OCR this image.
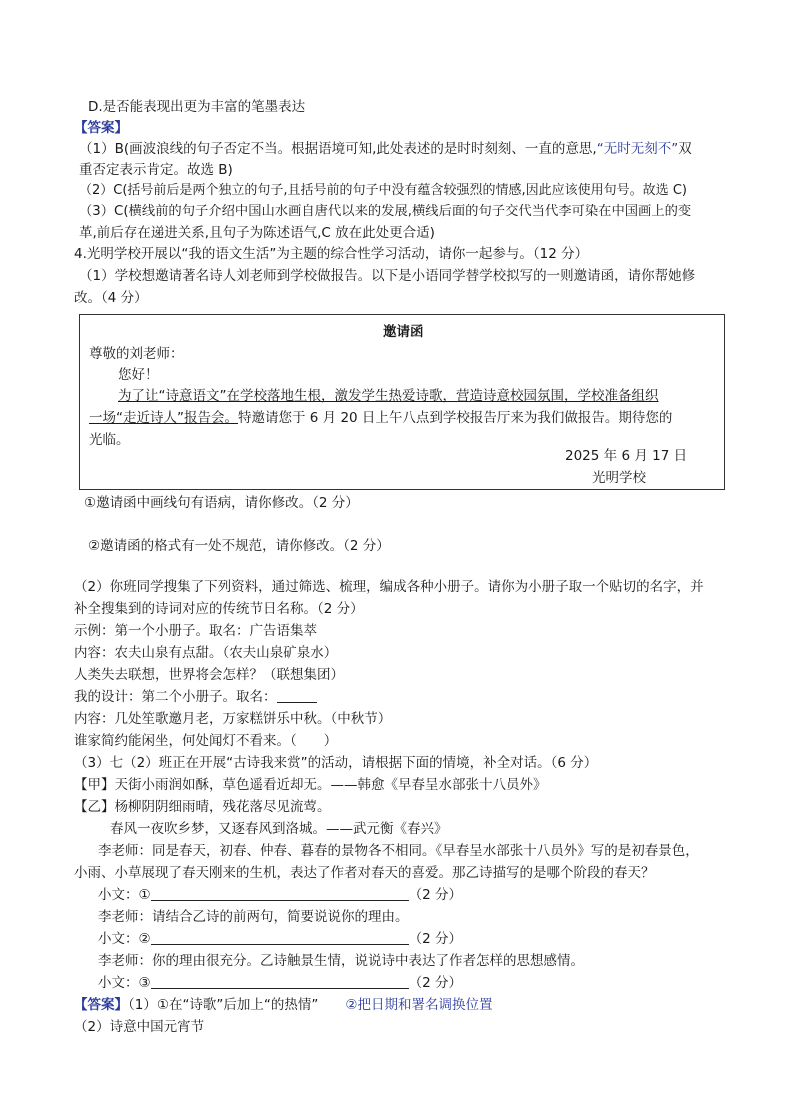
D.是否能表现出更为丰富的笔墨表达
【答案】
（1）B(画波浪线的句子否定不当。根据语境可知,此处表述的是时时刻刻、一直的意思,“无时无刻不”双
重否定表示肯定。故选 B)
（2）C(括号前后是两个独立的句子,且括号前的句子中没有蕴含较强烈的情感,因此应该使用句号。故选 C)
（3）C(横线前的句子介绍中国山水画自唐代以来的发展,横线后面的句子交代当代李可染在中国画上的变
革,前后存在递进关系,且句子为陈述语气,C 放在此处更合适)
4.光明学校开展以“我的语文生活”为主题的综合性学习活动，请你一起参与。（12 分）
（1）学校想邀请著名诗人刘老师到学校做报告。以下是小语同学替学校拟写的一则邀请函，请你帮她修
改。（4 分）
邀请函
尊敬的刘老师：
您好！
为了让“诗意语文”在学校落地生根，激发学生热爱诗歌，营造诗意校园氛围，学校准备组织
一场“走近诗人”报告会。特邀请您于 6 月 20 日上午八点到学校报告厅来为我们做报告。期待您的
光临。
2025 年 6 月 17 日
光明学校
①邀请函中画线句有语病，请你修改。（2 分）
②邀请函的格式有一处不规范，请你修改。（2 分）
（2）你班同学搜集了下列资料，通过筛选、梳理，编成各种小册子。请你为小册子取一个贴切的名字，并
补全搜集到的诗词对应的传统节日名称。（2 分）
示例：第一个小册子。取名：广告语集萃
内容：农夫山泉有点甜。（农夫山泉矿泉水）
人类失去联想，世界将会怎样？（联想集团）
我的设计：第二个小册子。取名：
内容：几处笙歌邀月老，万家糕饼乐中秋。（中秋节）
谁家简约能闲坐，何处闻灯不看来。（　　）
（3）七（2）班正在开展“古诗我来赏”的活动，请根据下面的情境，补全对话。（6 分）
【甲】天街小雨润如酥，草色遥看近却无。——韩愈《早春呈水部张十八员外》
【乙】杨柳阴阴细雨晴，残花落尽见流莺。
春风一夜吹乡梦，又逐春风到洛城。——武元衡《春兴》
李老师：同是春天，初春、仲春、暮春的景物各不相同。《早春呈水部张十八员外》写的是初春景色，
小雨、小草展现了春天刚来的生机，表达了作者对春天的喜爱。那乙诗描写的是哪个阶段的春天？
小文：①	（2 分）
李老师：请结合乙诗的前两句，简要说说你的理由。
小文：②	（2 分）
李老师：你的理由很充分。乙诗触景生情，说说诗中表达了作者怎样的思想感情。
小文：③	（2 分）
【答案】（1）①在“诗歌”后加上“的热情”　　 ②把日期和署名调换位置
（2）诗意中国元宵节
